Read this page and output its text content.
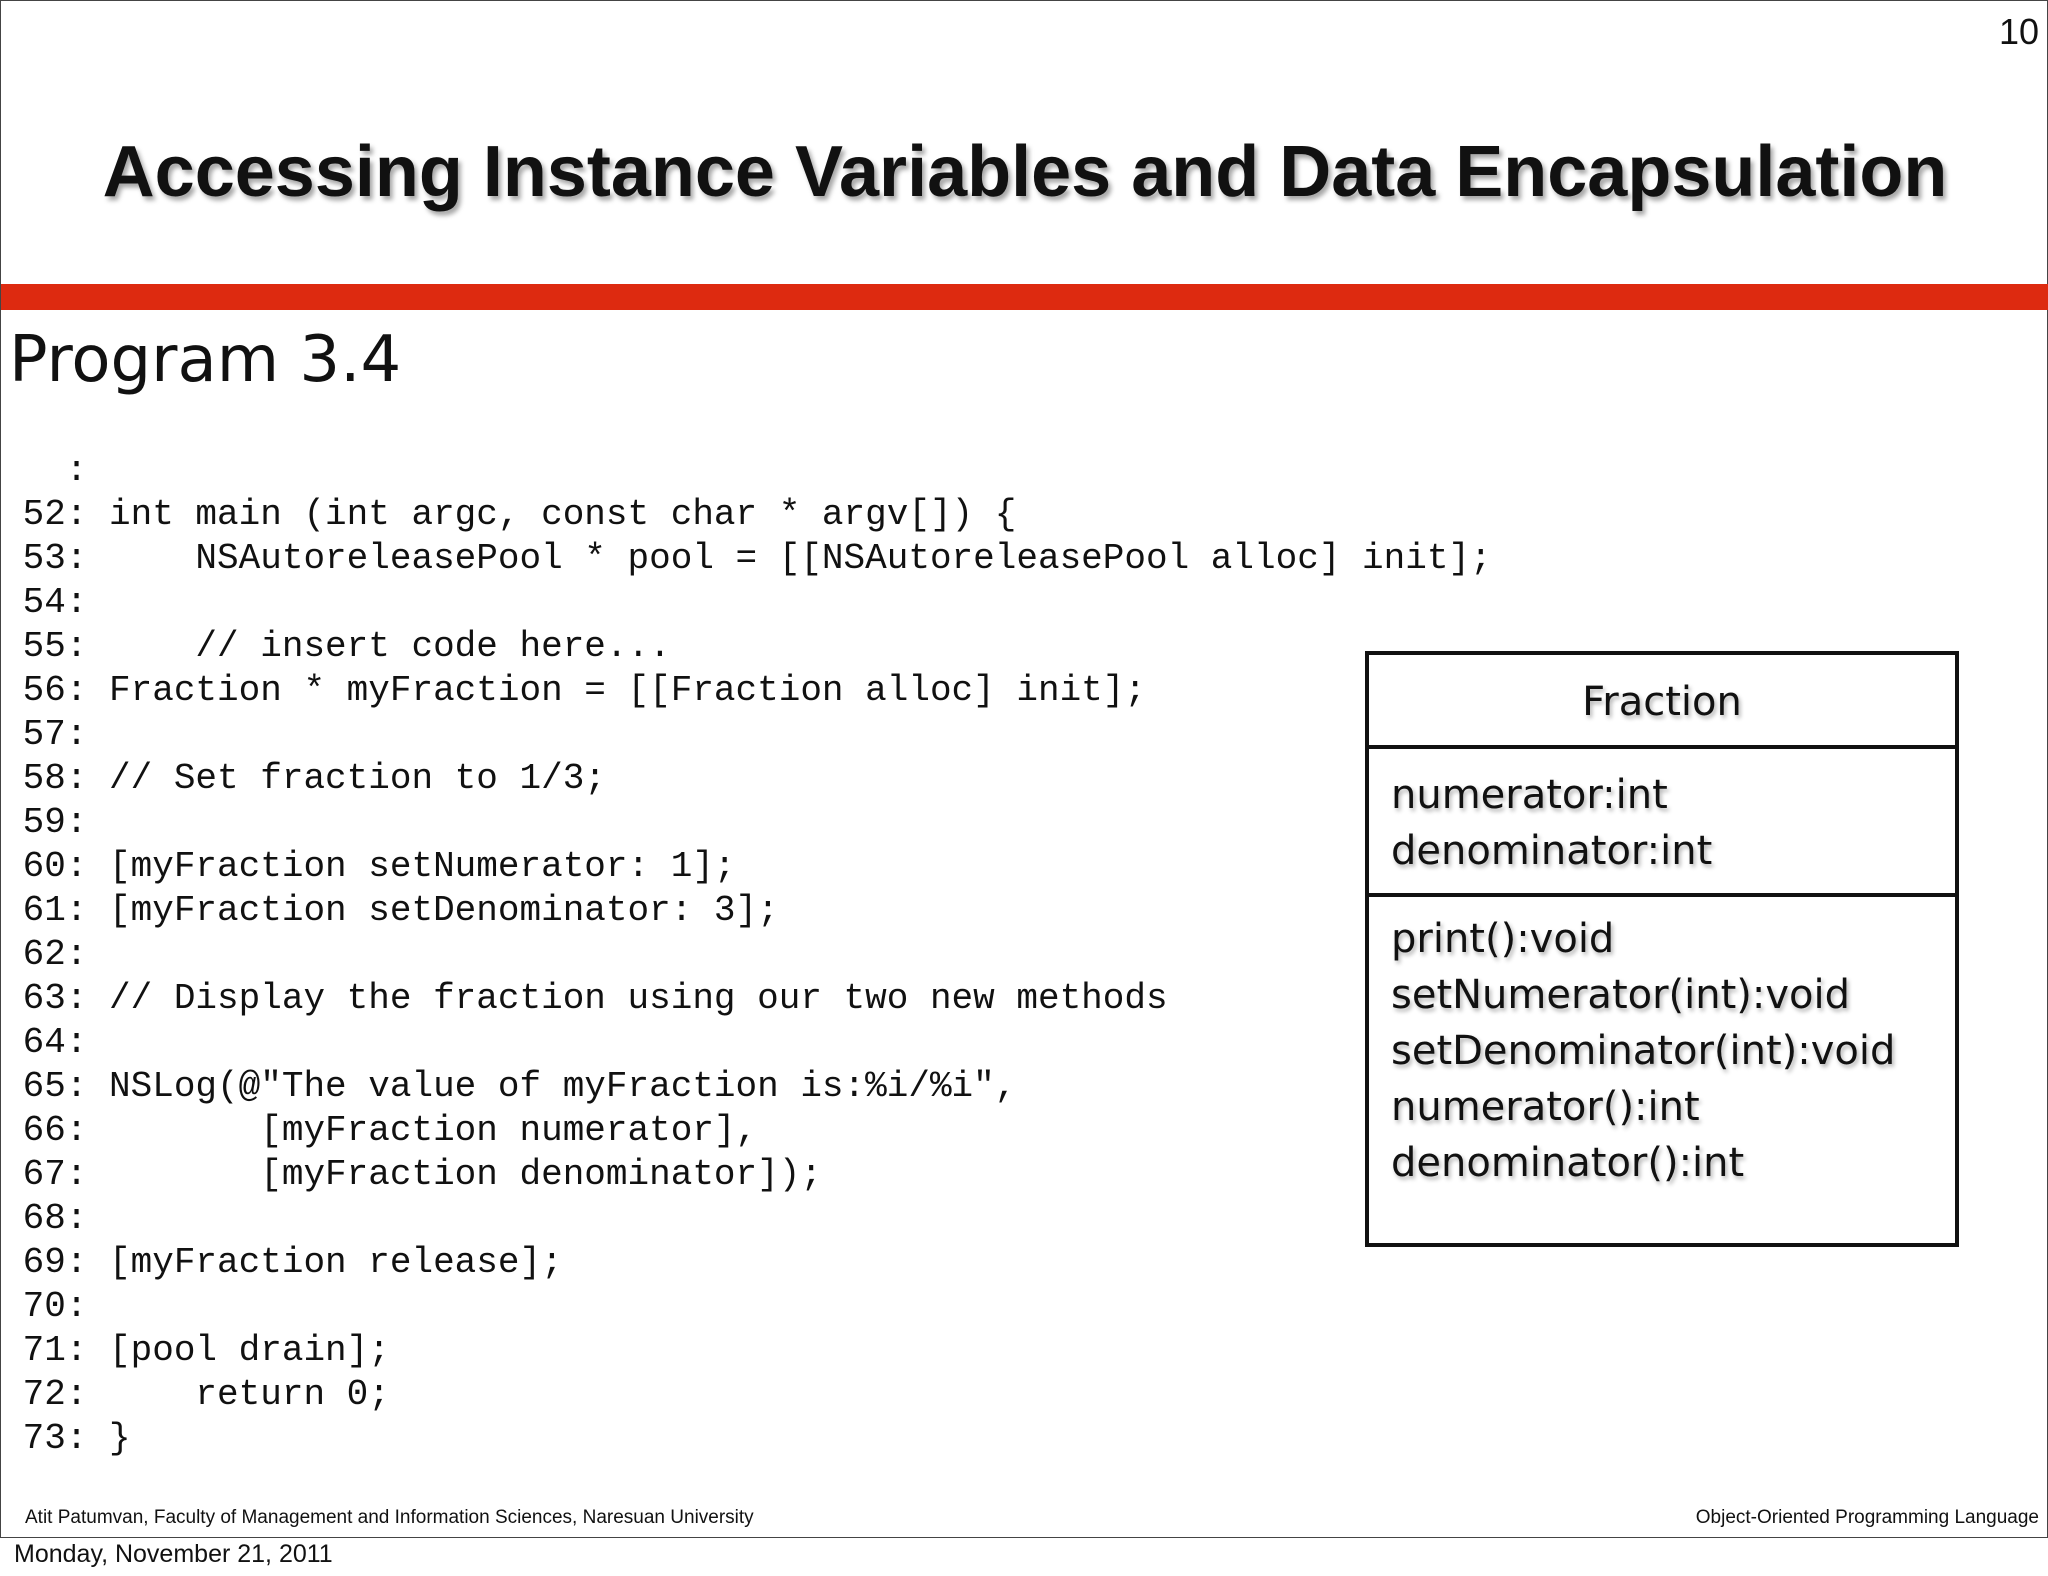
10
Accessing Instance Variables and Data Encapsulation
Program 3.4
:
52: int main (int argc, const char * argv[]) {
53:     NSAutoreleasePool * pool = [[NSAutoreleasePool alloc] init];
54:
55:     // insert code here...
56: Fraction * myFraction = [[Fraction alloc] init];
57:
58: // Set fraction to 1/3;
59:
60: [myFraction setNumerator: 1];
61: [myFraction setDenominator: 3];
62:
63: // Display the fraction using our two new methods
64:
65: NSLog(@"The value of myFraction is:%i/%i",
66:        [myFraction numerator],
67:        [myFraction denominator]);
68:
69: [myFraction release];
70:
71: [pool drain];
72:     return 0;
73: }
Fraction
numerator:int
denominator:int
print():void
setNumerator(int):void
setDenominator(int):void
numerator():int
denominator():int
Atit Patumvan, Faculty of Management and Information Sciences, Naresuan University	Object-Oriented Programming Language
Monday, November 21, 2011
